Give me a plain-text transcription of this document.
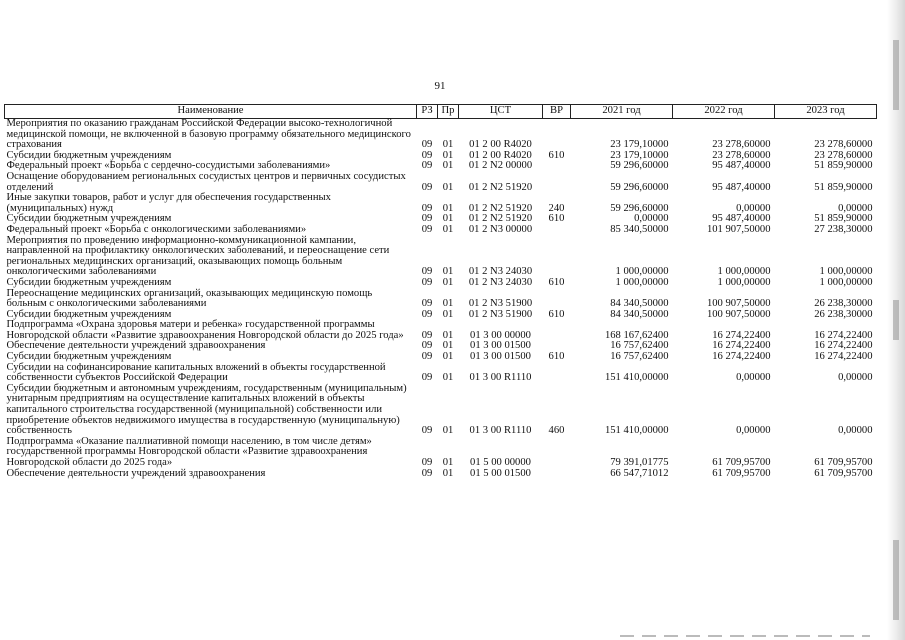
91
Наименование	РЗ	Пр	ЦСТ	ВР	2021 год	2022 год	2023 год
Мероприятия по оказанию гражданам Российской Федерации высоко-технологичной медицинской помощи, не включенной в базовую программу обязательного медицинского страхования	09	01	01 2 00 R4020		23 179,10000	23 278,60000	23 278,60000
Субсидии бюджетным учреждениям	09	01	01 2 00 R4020	610	23 179,10000	23 278,60000	23 278,60000
Федеральный проект «Борьба с сердечно-сосудистыми заболеваниями»	09	01	01 2 N2 00000		59 296,60000	95 487,40000	51 859,90000
Оснащение оборудованием региональных сосудистых центров и первичных сосудистых отделений	09	01	01 2 N2 51920		59 296,60000	95 487,40000	51 859,90000
Иные закупки товаров, работ и услуг для обеспечения государственных (муниципальных) нужд	09	01	01 2 N2 51920	240	59 296,60000	0,00000	0,00000
Субсидии бюджетным учреждениям	09	01	01 2 N2 51920	610	0,00000	95 487,40000	51 859,90000
Федеральный проект «Борьба с онкологическими заболеваниями»	09	01	01 2 N3 00000		85 340,50000	101 907,50000	27 238,30000
Мероприятия по проведению информационно-коммуникационной кампании, направленной на профилактику онкологических заболеваний, и переоснащение сети региональных медицинских организаций, оказывающих помощь больным онкологическими заболеваниями	09	01	01 2 N3 24030		1 000,00000	1 000,00000	1 000,00000
Субсидии бюджетным учреждениям	09	01	01 2 N3 24030	610	1 000,00000	1 000,00000	1 000,00000
Переоснащение медицинских организаций, оказывающих медицинскую помощь больным с онкологическими заболеваниями	09	01	01 2 N3 51900		84 340,50000	100 907,50000	26 238,30000
Субсидии бюджетным учреждениям	09	01	01 2 N3 51900	610	84 340,50000	100 907,50000	26 238,30000
Подпрограмма «Охрана здоровья матери и ребенка» государственной программы Новгородской области «Развитие здравоохранения Новгородской области до 2025 года»	09	01	01 3 00 00000		168 167,62400	16 274,22400	16 274,22400
Обеспечение деятельности учреждений здравоохранения	09	01	01 3 00 01500		16 757,62400	16 274,22400	16 274,22400
Субсидии бюджетным учреждениям	09	01	01 3 00 01500	610	16 757,62400	16 274,22400	16 274,22400
Субсидии на софинансирование капитальных вложений в объекты государственной собственности субъектов Российской Федерации	09	01	01 3 00 R1110		151 410,00000	0,00000	0,00000
Субсидии бюджетным и автономным учреждениям, государственным (муниципальным) унитарным предприятиям на осуществление капитальных вложений в объекты капитального строительства государственной (муниципальной) собственности или приобретение объектов недвижимого имущества в государственную (муниципальную) собственность	09	01	01 3 00 R1110	460	151 410,00000	0,00000	0,00000
Подпрограмма «Оказание паллиативной помощи населению, в том числе детям» государственной программы Новгородской области «Развитие здравоохранения Новгородской области до 2025 года»	09	01	01 5 00 00000		79 391,01775	61 709,95700	61 709,95700
Обеспечение деятельности учреждений здравоохранения	09	01	01 5 00 01500		66 547,71012	61 709,95700	61 709,95700
